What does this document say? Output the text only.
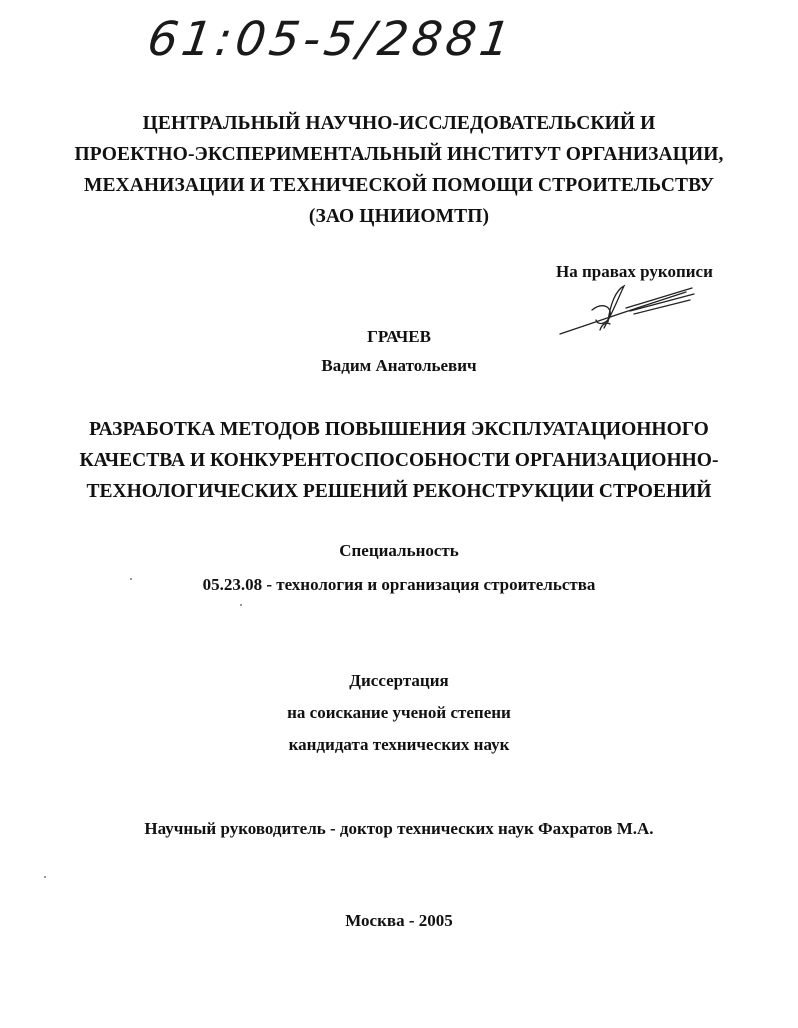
61:05-5/2881
ЦЕНТРАЛЬНЫЙ НАУЧНО-ИССЛЕДОВАТЕЛЬСКИЙ И
ПРОЕКТНО-ЭКСПЕРИМЕНТАЛЬНЫЙ ИНСТИТУТ ОРГАНИЗАЦИИ,
МЕХАНИЗАЦИИ И ТЕХНИЧЕСКОЙ ПОМОЩИ СТРОИТЕЛЬСТВУ
(ЗАО ЦНИИОМТП)
На правах рукописи
ГРАЧЕВ
Вадим Анатольевич
РАЗРАБОТКА МЕТОДОВ ПОВЫШЕНИЯ ЭКСПЛУАТАЦИОННОГО
КАЧЕСТВА И КОНКУРЕНТОСПОСОБНОСТИ ОРГАНИЗАЦИОННО-
ТЕХНОЛОГИЧЕСКИХ РЕШЕНИЙ РЕКОНСТРУКЦИИ СТРОЕНИЙ
Специальность
05.23.08 - технология и организация строительства
Диссертация
на соискание ученой степени
кандидата технических наук
Научный руководитель - доктор технических наук Фахратов М.А.
Москва - 2005
